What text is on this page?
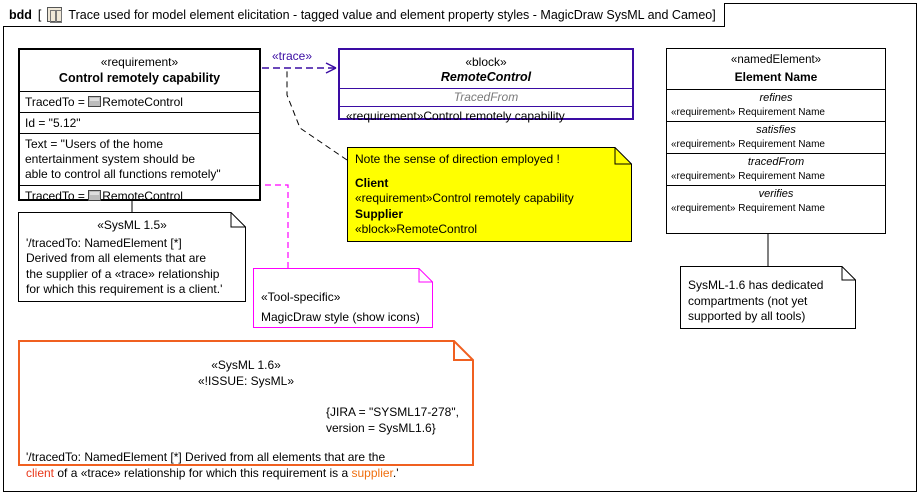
bdd [ Trace used for model element elicitation - tagged value and element property styles - MagicDraw SysML and Cameo]
«requirement»
Control remotely capability
TracedTo = RemoteControl
Id = "5.12"
Text = "Users of the home
entertainment system should be
able to control all functions remotely"
TracedTo = RemoteControl
«trace»	«block»
RemoteControl
TracedFrom
«requirement»Control remotely capability
«namedElement»
Element Name
refines
«requirement» Requirement Name
satisfies
«requirement» Requirement Name
tracedFrom
«requirement» Requirement Name
verifies
«requirement» Requirement Name
Note the sense of direction employed !
Client
«requirement»Control remotely capability
Supplier
«block»RemoteControl
«SysML 1.5»
'/tracedTo: NamedElement [*]
Derived from all elements that are
the supplier of a «trace» relationship
for which this requirement is a client.'
«Tool-specific»
MagicDraw style (show icons)
SysML-1.6 has dedicated
compartments (not yet
supported by all tools)
«SysML 1.6»
«!ISSUE: SysML»
{JIRA = "SYSML17-278",
version = SysML1.6}
'/tracedTo: NamedElement [*] Derived from all elements that are the
client of a «trace» relationship for which this requirement is a supplier.'
